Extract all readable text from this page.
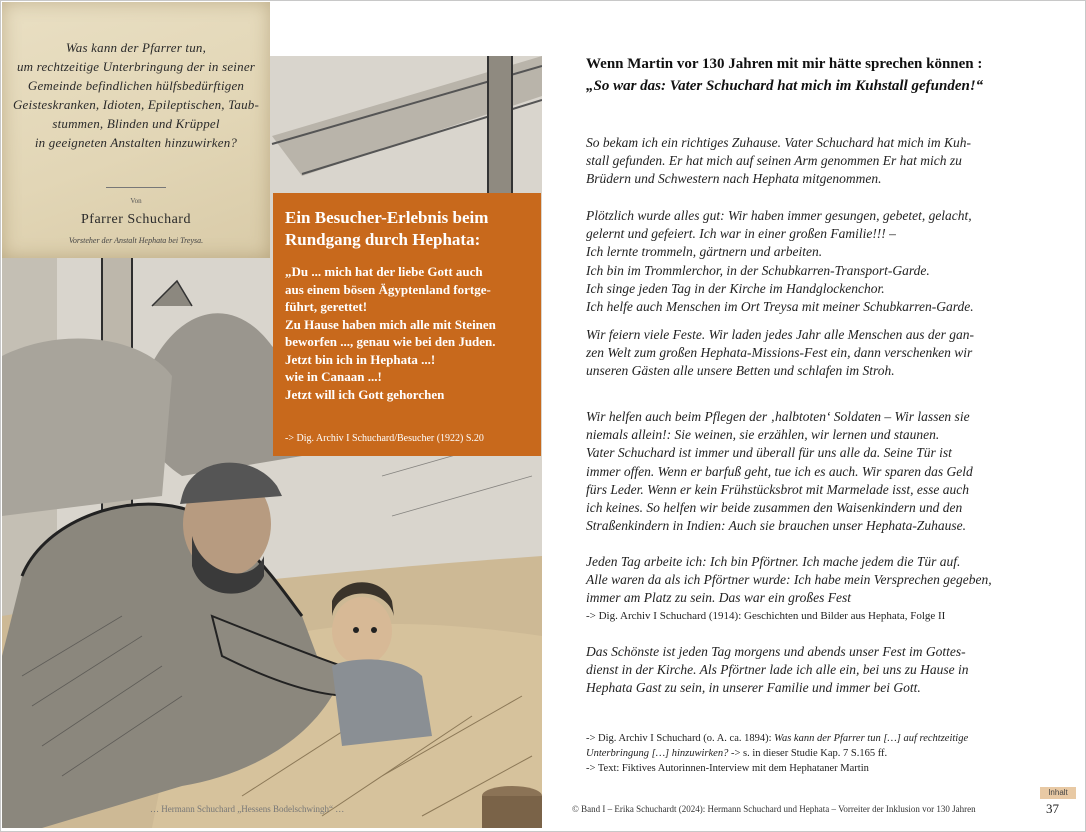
Was kann der Pfarrer tun,
um rechtzeitige Unterbringung der in seiner
Gemeinde befindlichen hülfsbedürftigen
Geisteskranken, Idioten, Epileptischen, Taub-
stummen, Blinden und Krüppel
in geeigneten Anstalten hinzuwirken?
Von
Pfarrer Schuchard
Vorsteher der Anstalt Hephata bei Treysa.
Ein Besucher-Erlebnis beim
Rundgang durch Hephata:
„Du ... mich hat der liebe Gott auch
aus einem bösen Ägyptenland fortge-
führt, gerettet!
Zu Hause haben mich alle mit Steinen
beworfen ..., genau wie bei den Juden.
Jetzt bin ich in Hephata ...!
wie in Canaan ...!
Jetzt will ich Gott gehorchen
-> Dig. Archiv I Schuchard/Besucher (1922) S.20
… Hermann Schuchard „Hessens Bodelschwingh“ …
Wenn Martin vor 130 Jahren mit mir hätte sprechen können :
„So war das: Vater Schuchard hat mich im Kuhstall gefunden!“
So bekam ich ein richtiges Zuhause. Vater Schuchard hat mich im Kuh-
stall gefunden. Er hat mich auf seinen Arm genommen Er hat mich zu
Brüdern und Schwestern nach Hephata mitgenommen.
Plötzlich wurde alles gut: Wir haben immer gesungen, gebetet, gelacht,
gelernt und gefeiert. Ich war in einer großen Familie!!! –
Ich lernte trommeln, gärtnern und arbeiten.
Ich bin im Trommlerchor, in der Schubkarren-Transport-Garde.
Ich singe jeden Tag in der Kirche im Handglockenchor.
Ich helfe auch Menschen im Ort Treysa mit meiner Schubkarren-Garde.
Wir feiern viele Feste. Wir laden jedes Jahr alle Menschen aus der gan-
zen Welt zum großen Hephata-Missions-Fest ein, dann verschenken wir
unseren Gästen alle unsere Betten und schlafen im Stroh.
Wir helfen auch beim Pflegen der ‚halbtoten‘ Soldaten – Wir lassen sie
niemals allein!: Sie weinen, sie erzählen, wir lernen und staunen.
Vater Schuchard ist immer und überall für uns alle da. Seine Tür ist
immer offen. Wenn er barfuß geht, tue ich es auch. Wir sparen das Geld
fürs Leder. Wenn er kein Frühstücksbrot mit Marmelade isst, esse auch
ich keines. So helfen wir beide zusammen den Waisenkindern und den
Straßenkindern in Indien: Auch sie brauchen unser Hephata-Zuhause.
Jeden Tag arbeite ich: Ich bin Pförtner. Ich mache jedem die Tür auf.
Alle waren da als ich Pförtner wurde: Ich habe mein Versprechen gegeben,
immer am Platz zu sein. Das war ein großes Fest
-> Dig. Archiv I Schuchard (1914): Geschichten und Bilder aus Hephata, Folge II
Das Schönste ist jeden Tag morgens und abends unser Fest im Gottes-
dienst in der Kirche. Als Pförtner lade ich alle ein, bei uns zu Hause in
Hephata Gast zu sein, in unserer Familie und immer bei Gott.
-> Dig. Archiv I Schuchard (o. A. ca. 1894): Was kann der Pfarrer tun […] auf rechtzeitige
Unterbringung […] hinzuwirken? -> s. in dieser Studie Kap. 7 S.165 ff.
-> Text: Fiktives Autorinnen-Interview mit dem Hephataner Martin
© Band I – Erika Schuchardt (2024): Hermann Schuchard und Hephata – Vorreiter der Inklusion vor 130 Jahren
Inhalt
37
